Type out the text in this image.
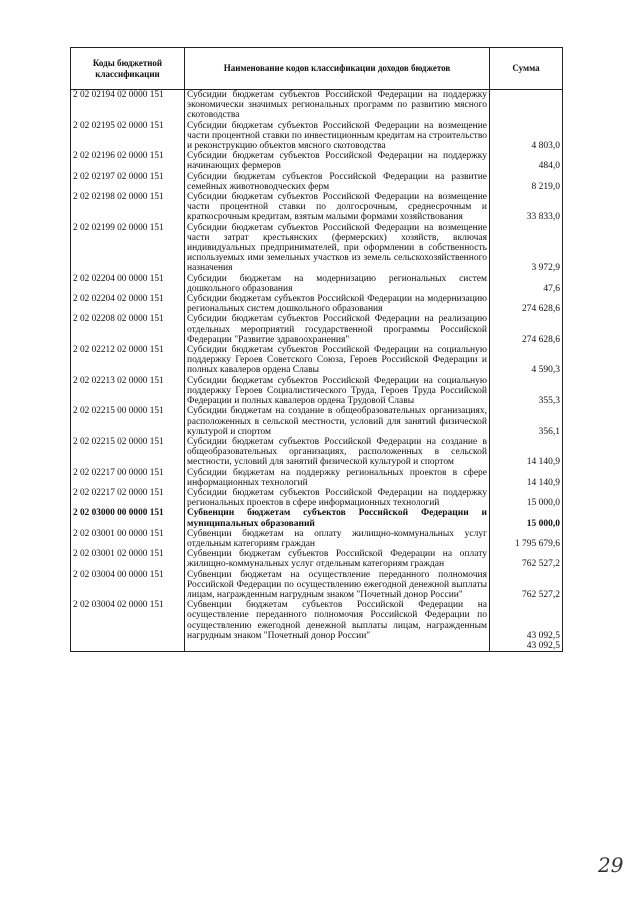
Коды бюджетной классификации	Наименование кодов классификации доходов бюджетов	Сумма
2 02 02194 02 0000 151	Субсидии бюджетам субъектов Российской Федерации на поддержку экономически значимых региональных программ по развитию мясного скотоводства	
2 02 02195 02 0000 151	Субсидии бюджетам субъектов Российской Федерации на возмещение части процентной ставки по инвестиционным кредитам на строительство и реконструкцию объектов мясного скотоводства	4 803,0
2 02 02196 02 0000 151	Субсидии бюджетам субъектов Российской Федерации на поддержку начинающих фермеров	484,0
2 02 02197 02 0000 151	Субсидии бюджетам субъектов Российской Федерации на развитие семейных животноводческих ферм	8 219,0
2 02 02198 02 0000 151	Субсидии бюджетам субъектов Российской Федерации на возмещение части процентной ставки по долгосрочным, среднесрочным и краткосрочным кредитам, взятым малыми формами хозяйствования	33 833,0
2 02 02199 02 0000 151	Субсидии бюджетам субъектов Российской Федерации на возмещение части затрат крестьянских (фермерских) хозяйств, включая индивидуальных предпринимателей, при оформлении в собственность используемых ими земельных участков из земель сельскохозяйственного назначения	3 972,9
2 02 02204 00 0000 151	Субсидии бюджетам на модернизацию региональных систем дошкольного образования	47,6
2 02 02204 02 0000 151	Субсидии бюджетам субъектов Российской Федерации на модернизацию региональных систем дошкольного образования	274 628,6
2 02 02208 02 0000 151	Субсидии бюджетам субъектов Российской Федерации на реализацию отдельных мероприятий государственной программы Российской Федерации "Развитие здравоохранения"	274 628,6
2 02 02212 02 0000 151	Субсидии бюджетам субъектов Российской Федерации на социальную поддержку Героев Советского Союза, Героев Российской Федерации и полных кавалеров ордена Славы	4 590,3
2 02 02213 02 0000 151	Субсидии бюджетам субъектов Российской Федерации на социальную поддержку Героев Социалистического Труда, Героев Труда Российской Федерации и полных кавалеров ордена Трудовой Славы	355,3
2 02 02215 00 0000 151	Субсидии бюджетам на создание в общеобразовательных организациях, расположенных в сельской местности, условий для занятий физической культурой и спортом	356,1
2 02 02215 02 0000 151	Субсидии бюджетам субъектов Российской Федерации на создание в общеобразовательных организациях, расположенных в сельской местности, условий для занятий физической культурой и спортом	14 140,9
2 02 02217 00 0000 151	Субсидии бюджетам на поддержку региональных проектов в сфере информационных технологий	14 140,9
2 02 02217 02 0000 151	Субсидии бюджетам субъектов Российской Федерации на поддержку региональных проектов в сфере информационных технологий	15 000,0
2 02 03000 00 0000 151	Субвенции бюджетам субъектов Российской Федерации и муниципальных образований	15 000,0
2 02 03001 00 0000 151	Субвенции бюджетам на оплату жилищно-коммунальных услуг отдельным категориям граждан	1 795 679,6
2 02 03001 02 0000 151	Субвенции бюджетам субъектов Российской Федерации на оплату жилищно-коммунальных услуг отдельным категориям граждан	762 527,2
2 02 03004 00 0000 151	Субвенции бюджетам на осуществление переданного полномочия Российской Федерации по осуществлению ежегодной денежной выплаты лицам, награжденным нагрудным знаком "Почетный донор России"	762 527,2
2 02 03004 02 0000 151	Субвенции бюджетам субъектов Российской Федерации на осуществление переданного полномочия Российской Федерации по осуществлению ежегодной денежной выплаты лицам, награжденным нагрудным знаком "Почетный донор России"	43 092,5
		43 092,5
29
